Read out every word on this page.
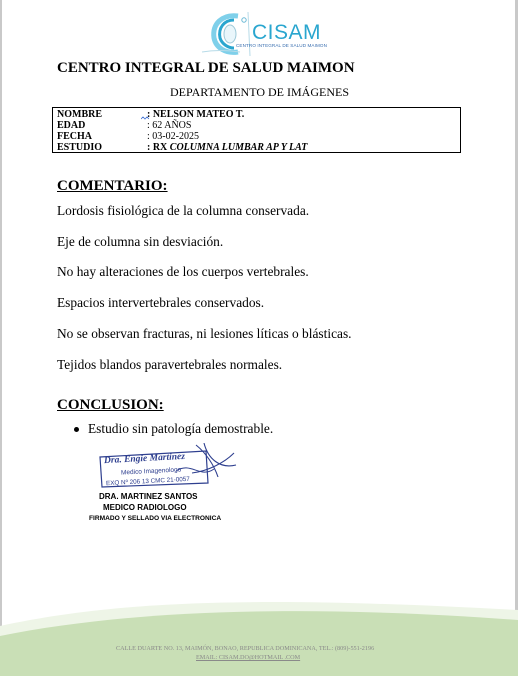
CISAM
CENTRO INTEGRAL DE SALUD MAIMON
CENTRO INTEGRAL DE SALUD MAIMON
DEPARTAMENTO DE IMÁGENES
NOMBRE	: NELSON MATEO T.
EDAD	: 62 AÑOS
FECHA	: 03-02-2025
ESTUDIO	: RX COLUMNA LUMBAR AP Y LAT
COMENTARIO:
Lordosis fisiológica de la columna conservada.
Eje de columna sin desviación.
No hay alteraciones de los cuerpos vertebrales.
Espacios intervertebrales conservados.
No se observan fracturas, ni lesiones líticas o blásticas.
Tejidos blandos paravertebrales normales.
CONCLUSION:
Estudio sin patología demostrable.
Dra. Engie Martinez
Medico Imagenologo
EXQ Nº 206 13 CMC 21-0057
DRA. MARTINEZ SANTOS
MEDICO RADIOLOGO
FIRMADO Y SELLADO VIA ELECTRONICA
CALLE DUARTE NO. 13, MAIMÓN, BONAO, REPUBLICA DOMINICANA, TEL.: (809)-551-2196
EMAIL: CISAM.DO@HOTMAIL .COM
